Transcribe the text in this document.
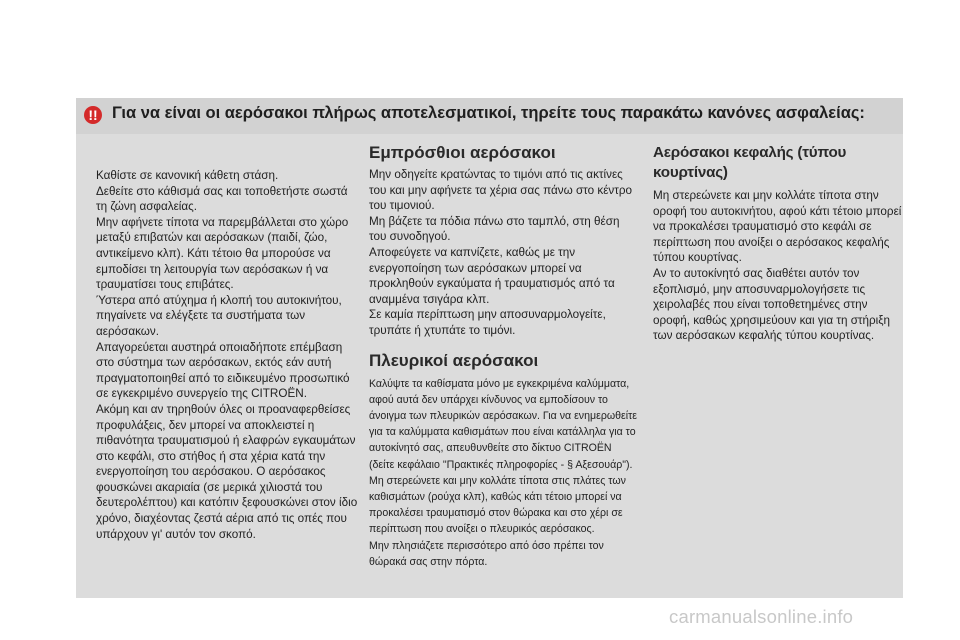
!! Για να είναι οι αερόσακοι πλήρως αποτελεσματικοί, τηρείτε τους παρακάτω κανόνες ασφαλείας:

Καθίστε σε κανονική κάθετη στάση.

Δεθείτε στο κάθισμά σας και τοποθετήστε σωστά τη ζώνη ασφαλείας.

Μην αφήνετε τίποτα να παρεμβάλλεται στο χώρο μεταξύ επιβατών και αερόσακων (παιδί, ζώο, αντικείμενο κλπ). Κάτι τέτοιο θα μπορούσε να εμποδίσει τη λειτουργία των αερόσακων ή να τραυματίσει τους επιβάτες.

Ύστερα από ατύχημα ή κλοπή του αυτοκινήτου, πηγαίνετε να ελέγξετε τα συστήματα των αερόσακων.

Απαγορεύεται αυστηρά οποιαδήποτε επέμβαση στο σύστημα των αερόσακων, εκτός εάν αυτή πραγματοποιηθεί από το ειδικευμένο προσωπικό σε εγκεκριμένο συνεργείο της CITROËN.

Ακόμη και αν τηρηθούν όλες οι προαναφερθείσες προφυλάξεις, δεν μπορεί να αποκλειστεί η πιθανότητα τραυματισμού ή ελαφρών εγκαυμάτων στο κεφάλι, στο στήθος ή στα χέρια κατά την ενεργοποίηση του αερόσακου. Ο αερόσακος φουσκώνει ακαριαία (σε μερικά χιλιοστά του δευτερολέπτου) και κατόπιν ξεφουσκώνει στον ίδιο χρόνο, διαχέοντας ζεστά αέρια από τις οπές που υπάρχουν γι' αυτόν τον σκοπό.

Εμπρόσθιοι αερόσακοι

Μην οδηγείτε κρατώντας το τιμόνι από τις ακτίνες του και μην αφήνετε τα χέρια σας πάνω στο κέντρο του τιμονιού.

Μη βάζετε τα πόδια πάνω στο ταμπλό, στη θέση του συνοδηγού.

Αποφεύγετε να καπνίζετε, καθώς με την ενεργοποίηση των αερόσακων μπορεί να προκληθούν εγκαύματα ή τραυματισμός από τα αναμμένα τσιγάρα κλπ.

Σε καμία περίπτωση μην αποσυναρμολογείτε, τρυπάτε ή χτυπάτε το τιμόνι.

Πλευρικοί αερόσακοι

Καλύψτε τα καθίσματα μόνο με εγκεκριμένα καλύμματα, αφού αυτά δεν υπάρχει κίνδυνος να εμποδίσουν το άνοιγμα των πλευρικών αερόσακων. Για να ενημερωθείτε για τα καλύμματα καθισμάτων που είναι κατάλληλα για το αυτοκίνητό σας, απευθυνθείτε στο δίκτυο CITROËN (δείτε κεφάλαιο "Πρακτικές πληροφορίες - § Αξεσουάρ").

Μη στερεώνετε και μην κολλάτε τίποτα στις πλάτες των καθισμάτων (ρούχα κλπ), καθώς κάτι τέτοιο μπορεί να προκαλέσει τραυματισμό στον θώρακα και στο χέρι σε περίπτωση που ανοίξει ο πλευρικός αερόσακος.

Μην πλησιάζετε περισσότερο από όσο πρέπει τον θώρακά σας στην πόρτα.

Αερόσακοι κεφαλής (τύπου κουρτίνας)

Μη στερεώνετε και μην κολλάτε τίποτα στην οροφή του αυτοκινήτου, αφού κάτι τέτοιο μπορεί να προκαλέσει τραυματισμό στο κεφάλι σε περίπτωση που ανοίξει ο αερόσακος κεφαλής τύπου κουρτίνας.

Αν το αυτοκίνητό σας διαθέτει αυτόν τον εξοπλισμό, μην αποσυναρμολογήσετε τις χειρολαβές που είναι τοποθετημένες στην οροφή, καθώς χρησιμεύουν και για τη στήριξη των αερόσακων κεφαλής τύπου κουρτίνας.

carmanualsonline.info
